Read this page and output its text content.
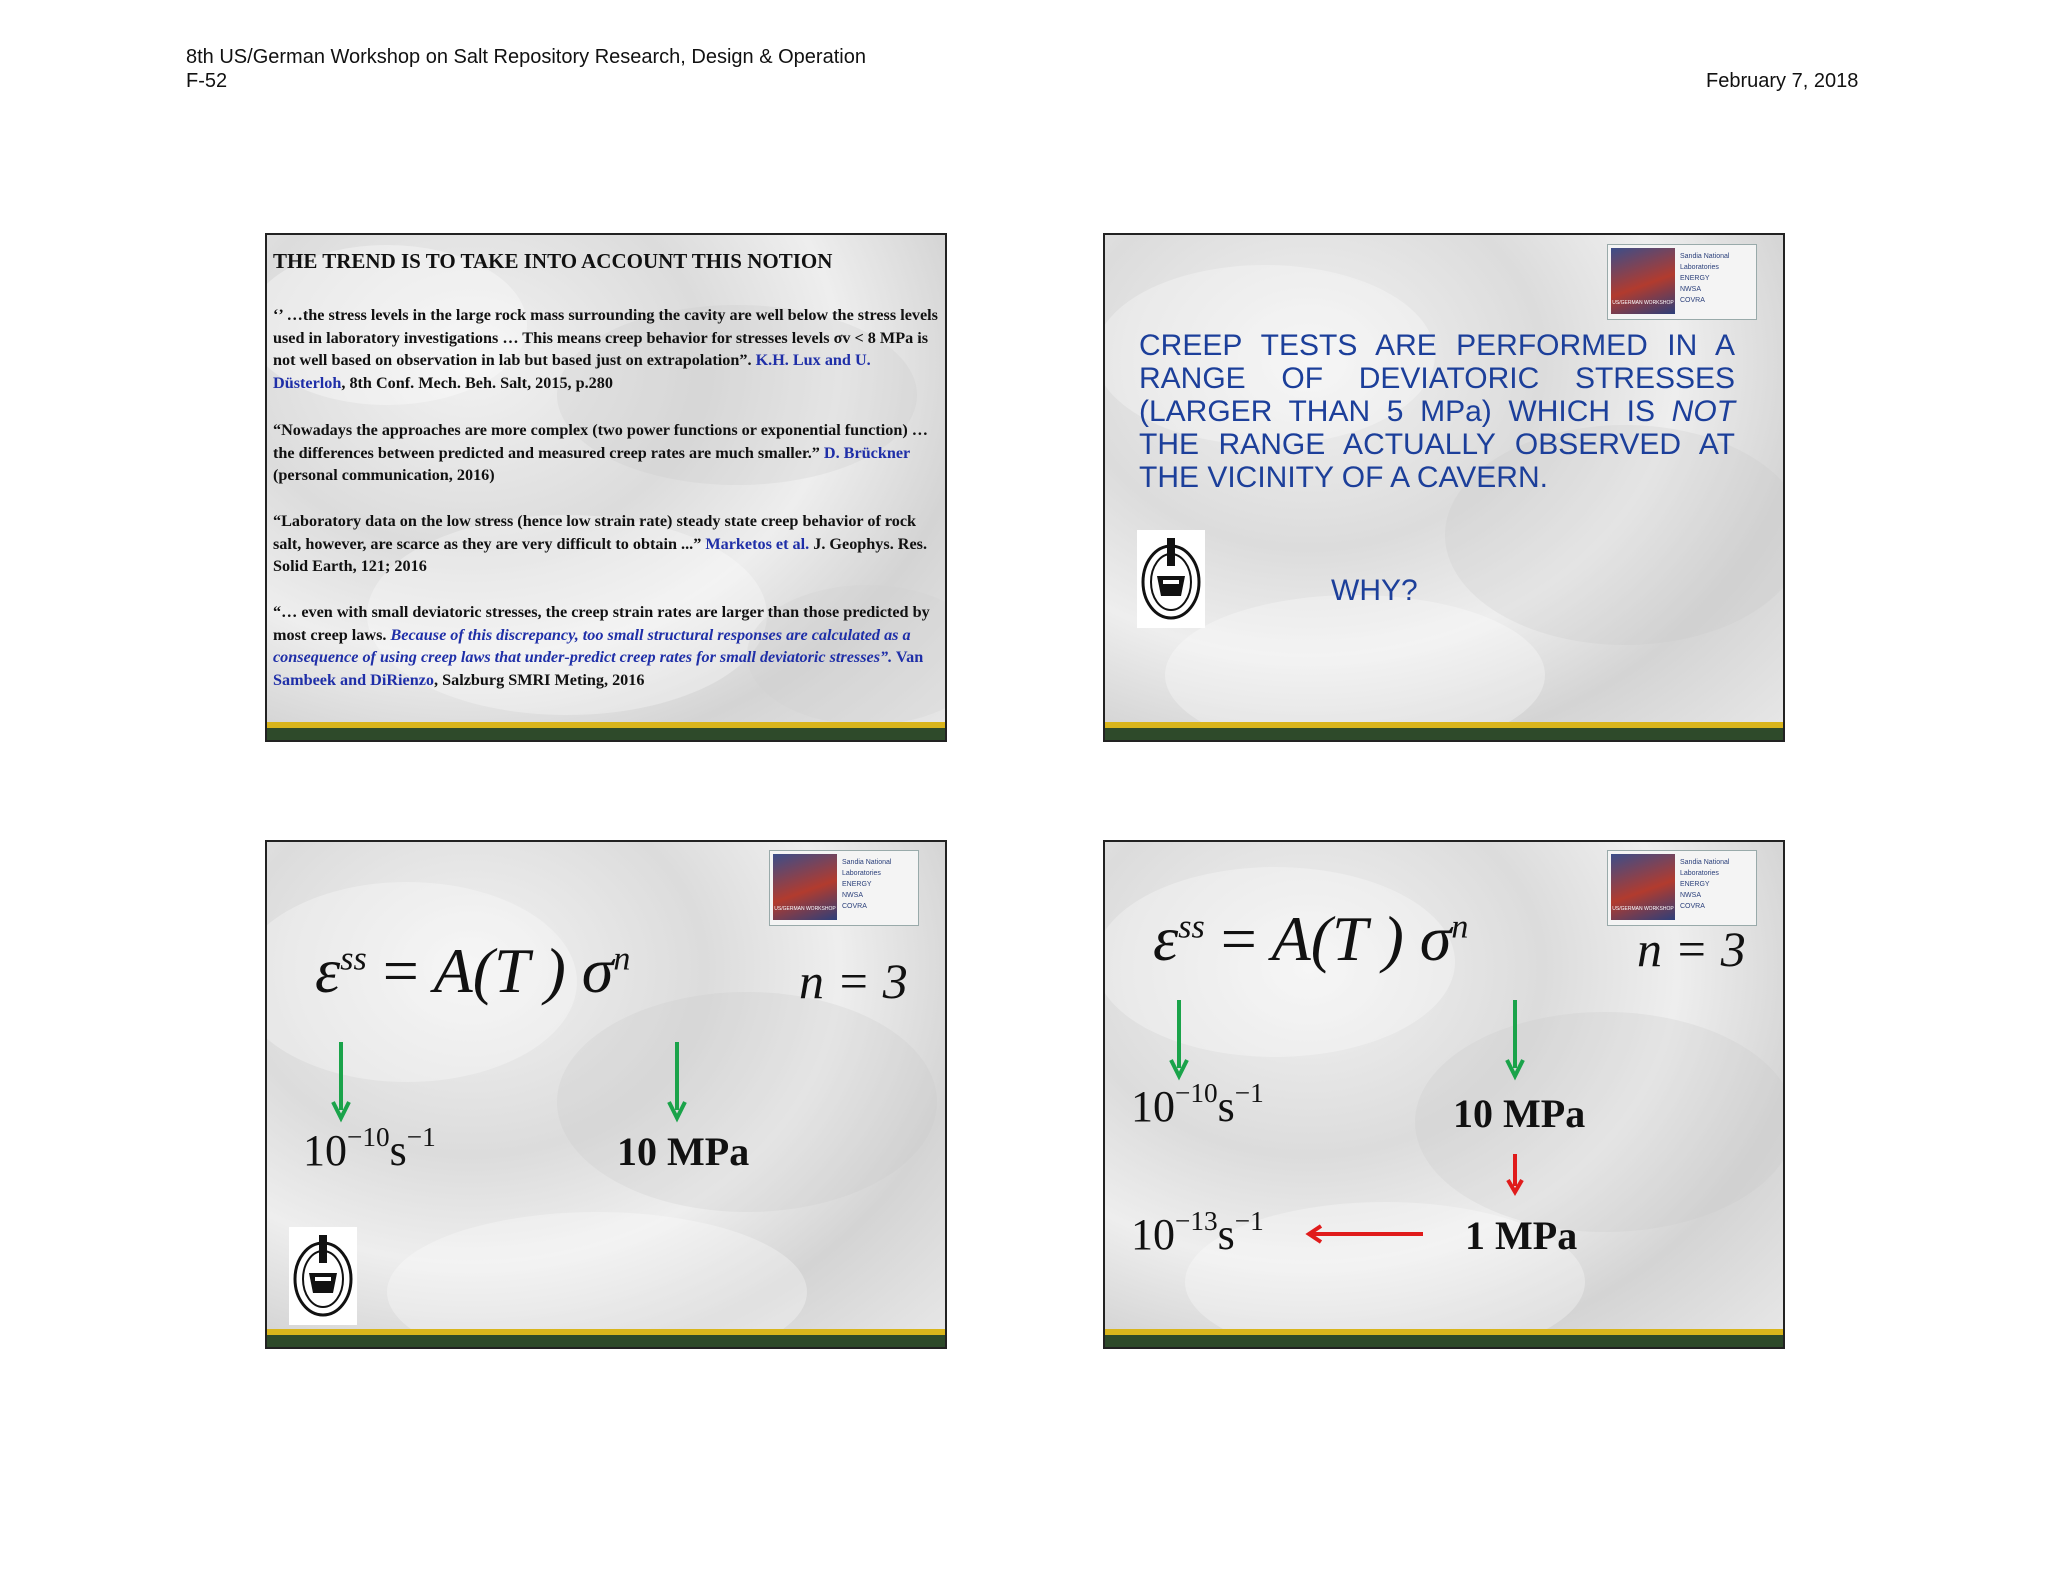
8th US/German Workshop on Salt Repository Research, Design & Operation
F-52	February 7, 2018
THE TREND IS TO TAKE INTO ACCOUNT THIS NOTION
‘’ …the stress levels in the large rock mass surrounding the cavity are well below the stress levels used in laboratory investigations … This means creep behavior for stresses levels σv < 8 MPa is not well based on observation in lab but based just on extrapolation”. K.H. Lux and U. Düsterloh, 8th Conf. Mech. Beh. Salt, 2015, p.280
“Nowadays the approaches are more complex (two power functions or exponential function) … the differences between predicted and measured creep rates are much smaller.” D. Brückner (personal communication, 2016)
“Laboratory data on the low stress (hence low strain rate) steady state creep behavior of rock salt, however, are scarce as they are very difficult to obtain ...” Marketos et al. J. Geophys. Res. Solid Earth, 121; 2016
“… even with small deviatoric stresses, the creep strain rates are larger than those predicted by most creep laws. Because of this discrepancy, too small structural responses are calculated as a consequence of using creep laws that under-predict creep rates for small deviatoric stresses”. Van Sambeek and DiRienzo, Salzburg SMRI Meting, 2016
US/GERMAN WORKSHOP
Sandia National Laboratories
ENERGY
NWSA
COVRA
CREEP TESTS ARE PERFORMED IN A RANGE OF DEVIATORIC STRESSES (LARGER THAN 5 MPa) WHICH IS NOT THE RANGE ACTUALLY OBSERVED AT THE VICINITY OF A CAVERN.
WHY?
US/GERMAN WORKSHOP
Sandia National Laboratories
ENERGY
NWSA
COVRA
$\varepsilon^{ss} = A(T$ ) $\sigma^n$	n = 3
$10^{-10}s^{-1}$	10 MPa
US/GERMAN WORKSHOP
Sandia National Laboratories
ENERGY
NWSA
COVRA
$\varepsilon^{ss} = A(T$ ) $\sigma^n$	n = 3
$10^{-10}s^{-1}$	10 MPa
$10^{-13}s^{-1}$	1 MPa
